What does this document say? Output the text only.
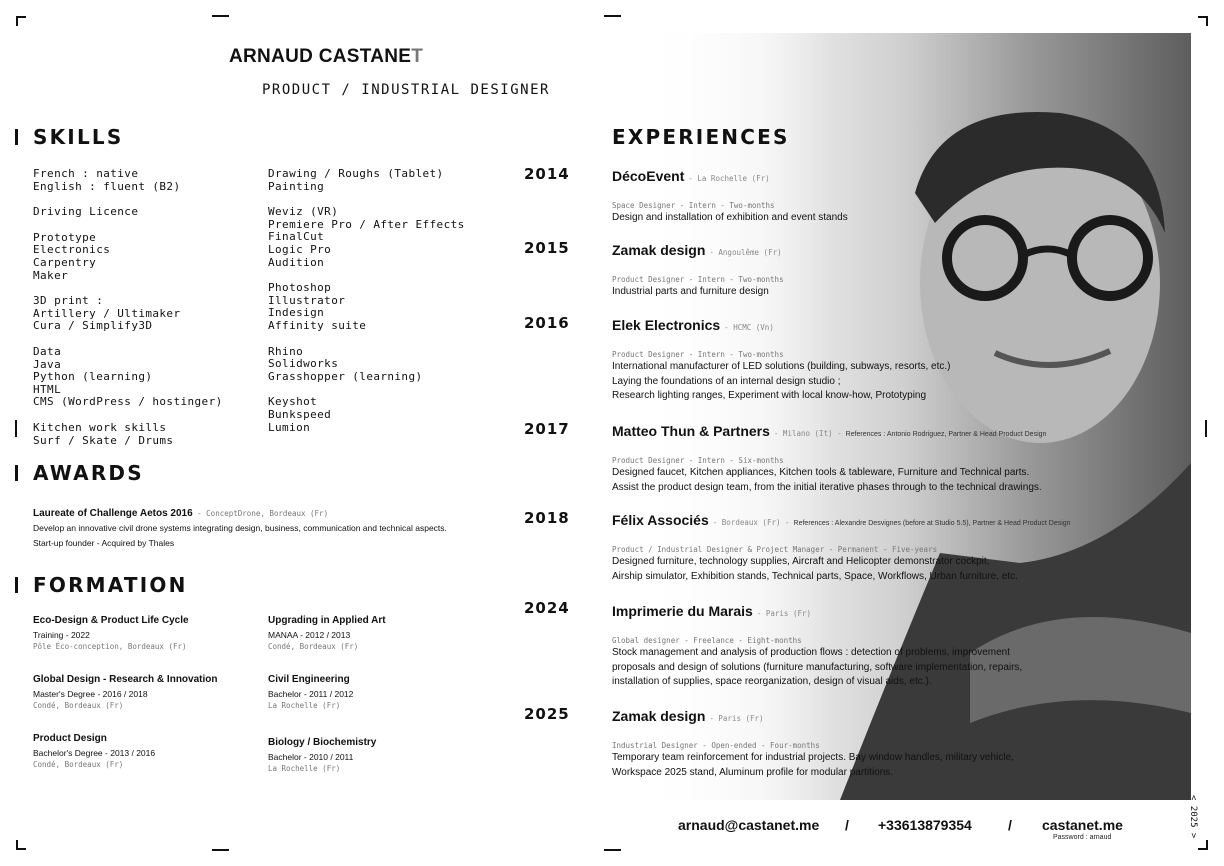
ARNAUD CASTANET
PRODUCT / INDUSTRIAL DESIGNER
SKILLS
French : native
English : fluent (B2)
Driving Licence
Prototype
Electronics
Carpentry
Maker
3D print :
Artillery / Ultimaker
Cura / Simplify3D
Data
Java
Python (learning)
HTML
CMS (WordPress / hostinger)
Kitchen work skills
Surf / Skate / Drums
Drawing / Roughs (Tablet)
Painting
Weviz (VR)
Premiere Pro / After Effects
FinalCut
Logic Pro
Audition
Photoshop
Illustrator
Indesign
Affinity suite
Rhino
Solidworks
Grasshopper (learning)
Keyshot
Bunkspeed
Lumion
AWARDS
Laureate of Challenge Aetos 2016 - ConceptDrone, Bordeaux (Fr)
Develop an innovative civil drone systems integrating design, business, communication and technical aspects.
Start-up founder - Acquired by Thales
FORMATION
Eco-Design & Product Life Cycle
Training - 2022
Pôle Éco-conception, Bordeaux (Fr)
Global Design - Research & Innovation
Master's Degree - 2016 / 2018
Condé, Bordeaux (Fr)
Product Design
Bachelor's Degree - 2013 / 2016
Condé, Bordeaux (Fr)
Upgrading in Applied Art
MANAA - 2012 / 2013
Condé, Bordeaux (Fr)
Civil Engineering
Bachelor - 2011 / 2012
La Rochelle (Fr)
Biology / Biochemistry
Bachelor - 2010 / 2011
La Rochelle (Fr)
EXPERIENCES
2014	DécoEvent - La Rochelle (Fr)
Space Designer - Intern - Two-months
Design and installation of exhibition and event stands
2015	Zamak design - Angoulême (Fr)
Product Designer - Intern - Two-months
Industrial parts and furniture design
2016	Elek Electronics - HCMC (Vn)
Product Designer - Intern - Two-months
International manufacturer of LED solutions (building, subways, resorts, etc.)
Laying the foundations of an internal design studio ;
Research lighting ranges, Experiment with local know-how, Prototyping
2017	Matteo Thun & Partners - Milano (It) - References : Antonio Rodriguez, Partner & Head Product Design
Product Designer - Intern - Six-months
Designed faucet, Kitchen appliances, Kitchen tools & tableware, Furniture and Technical parts.
Assist the product design team, from the initial iterative phases through to the technical drawings.
2018	Félix Associés - Bordeaux (Fr) - References : Alexandre Desvignes (before at Studio 5.5), Partner & Head Product Design
Product / Industrial Designer & Project Manager - Permanent - Five-years
Designed furniture, technology supplies, Aircraft and Helicopter demonstrator cockpit,
Airship simulator, Exhibition stands, Technical parts, Space, Workflows, Urban furniture, etc.
2024	Imprimerie du Marais - Paris (Fr)
Global designer - Freelance - Eight-months
Stock management and analysis of production flows : detection of problems, improvement
proposals and design of solutions (furniture manufacturing, software implementation, repairs,
installation of supplies, space reorganization, design of visual aids, etc.).
2025	Zamak design - Paris (Fr)
Industrial Designer - Open-ended - Four-months
Temporary team reinforcement for industrial projects. Bay window handles, military vehicle,
Workspace 2025 stand, Aluminum profile for modular partitions.
arnaud@castanet.me / +33613879354	/ castanet.me
Password : arnaud	< 2025 >
